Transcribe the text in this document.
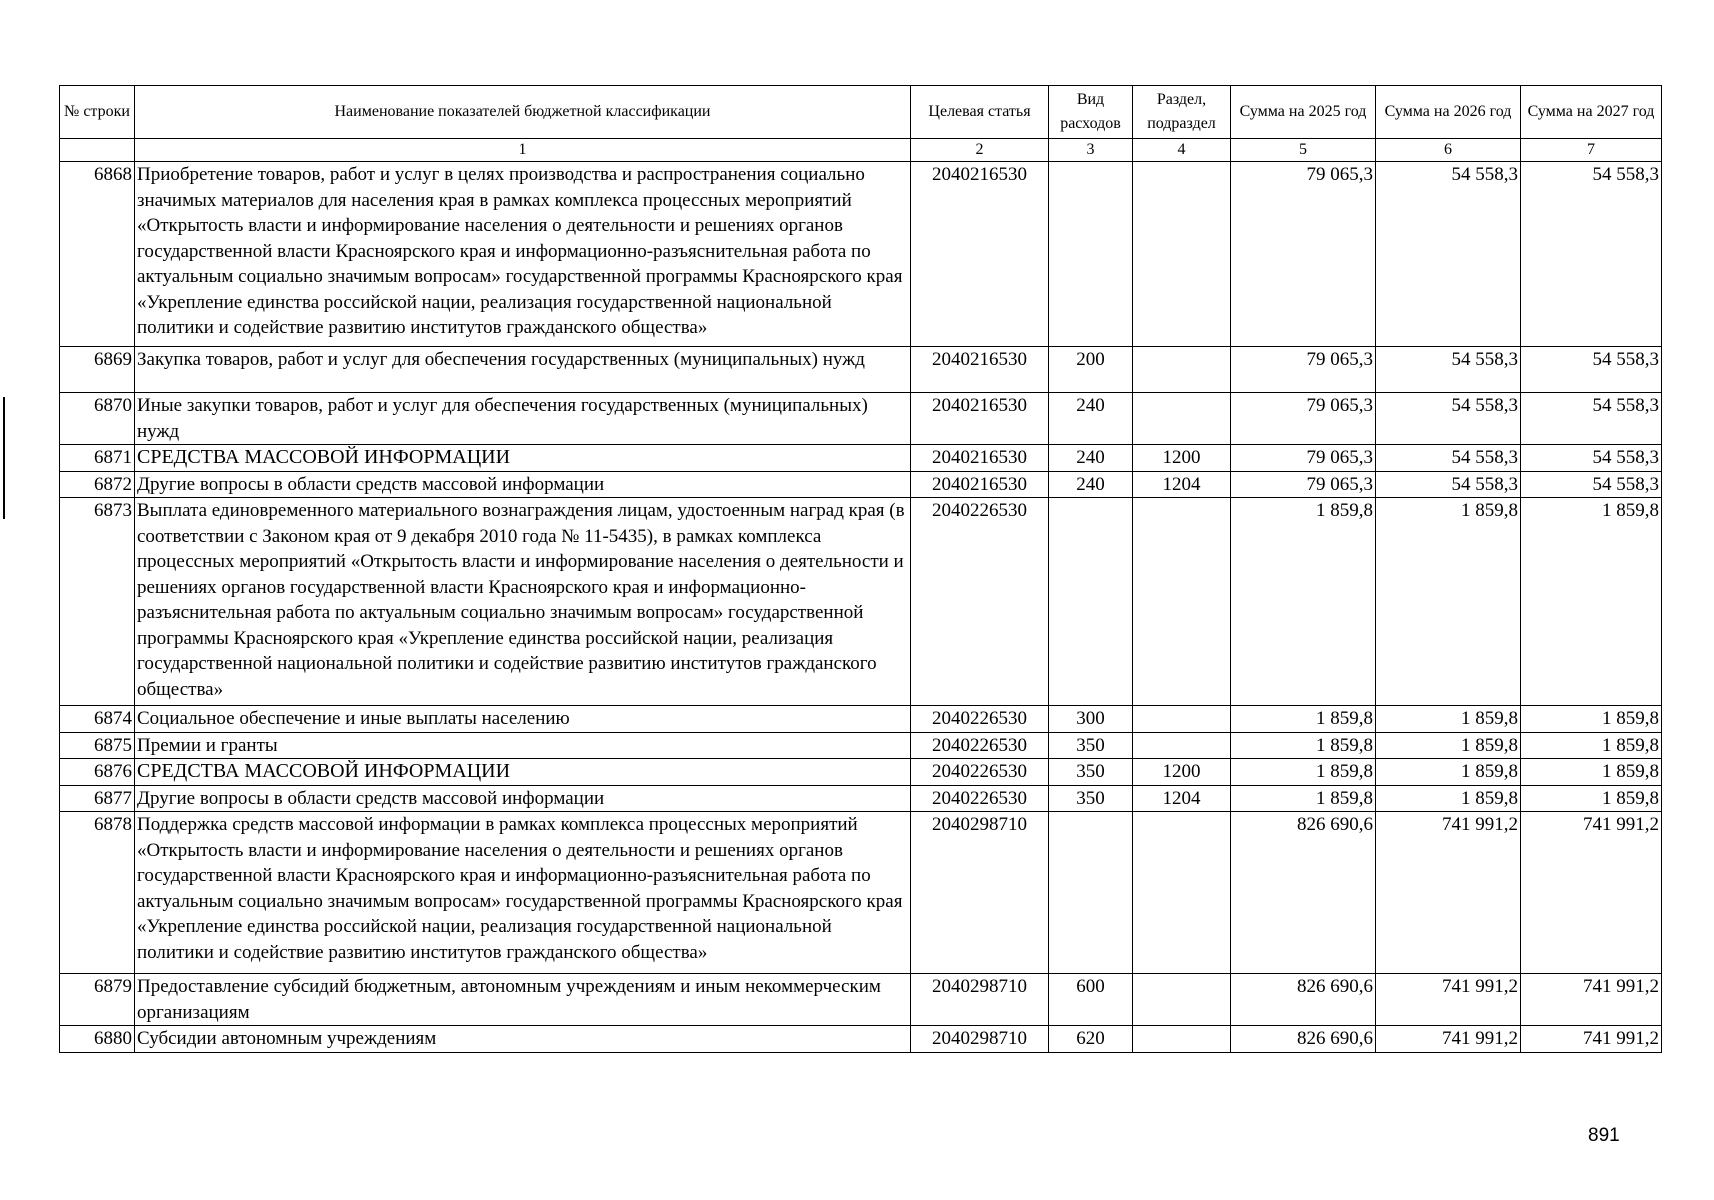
№ строки	Наименование показателей бюджетной классификации	Целевая статья	Вид расходов	Раздел, подраздел	Сумма на 2025 год	Сумма на 2026 год	Сумма на 2027 год
	1	2	3	4	5	6	7
6868	Приобретение товаров, работ и услуг в целях производства и распространения социально значимых материалов для населения края в рамках комплекса процессных мероприятий «Открытость власти и информирование населения о деятельности и решениях органов государственной власти Красноярского края и информационно-разъяснительная работа по актуальным социально значимым вопросам» государственной программы Красноярского края «Укрепление единства российской нации, реализация государственной национальной политики и содействие развитию институтов гражданского общества»	2040216530			79 065,3	54 558,3	54 558,3
6869	Закупка товаров, работ и услуг для обеспечения государственных (муниципальных) нужд	2040216530	200		79 065,3	54 558,3	54 558,3
6870	Иные закупки товаров, работ и услуг для обеспечения государственных (муниципальных) нужд	2040216530	240		79 065,3	54 558,3	54 558,3
6871	СРЕДСТВА МАССОВОЙ ИНФОРМАЦИИ	2040216530	240	1200	79 065,3	54 558,3	54 558,3
6872	Другие вопросы в области средств массовой информации	2040216530	240	1204	79 065,3	54 558,3	54 558,3
6873	Выплата единовременного материального вознаграждения лицам, удостоенным наград края (в соответствии с Законом края от 9 декабря 2010 года № 11-5435), в рамках комплекса процессных мероприятий «Открытость власти и информирование населения о деятельности и решениях органов государственной власти Красноярского края и информационно-разъяснительная работа по актуальным социально значимым вопросам» государственной программы Красноярского края «Укрепление единства российской нации, реализация государственной национальной политики и содействие развитию институтов гражданского общества»	2040226530			1 859,8	1 859,8	1 859,8
6874	Социальное обеспечение и иные выплаты населению	2040226530	300		1 859,8	1 859,8	1 859,8
6875	Премии и гранты	2040226530	350		1 859,8	1 859,8	1 859,8
6876	СРЕДСТВА МАССОВОЙ ИНФОРМАЦИИ	2040226530	350	1200	1 859,8	1 859,8	1 859,8
6877	Другие вопросы в области средств массовой информации	2040226530	350	1204	1 859,8	1 859,8	1 859,8
6878	Поддержка средств массовой информации в рамках комплекса процессных мероприятий «Открытость власти и информирование населения о деятельности и решениях органов государственной власти Красноярского края и информационно-разъяснительная работа по актуальным социально значимым вопросам» государственной программы Красноярского края «Укрепление единства российской нации, реализация государственной национальной политики и содействие развитию институтов гражданского общества»	2040298710			826 690,6	741 991,2	741 991,2
6879	Предоставление субсидий бюджетным, автономным учреждениям и иным некоммерческим организациям	2040298710	600		826 690,6	741 991,2	741 991,2
6880	Субсидии автономным учреждениям	2040298710	620		826 690,6	741 991,2	741 991,2
891
